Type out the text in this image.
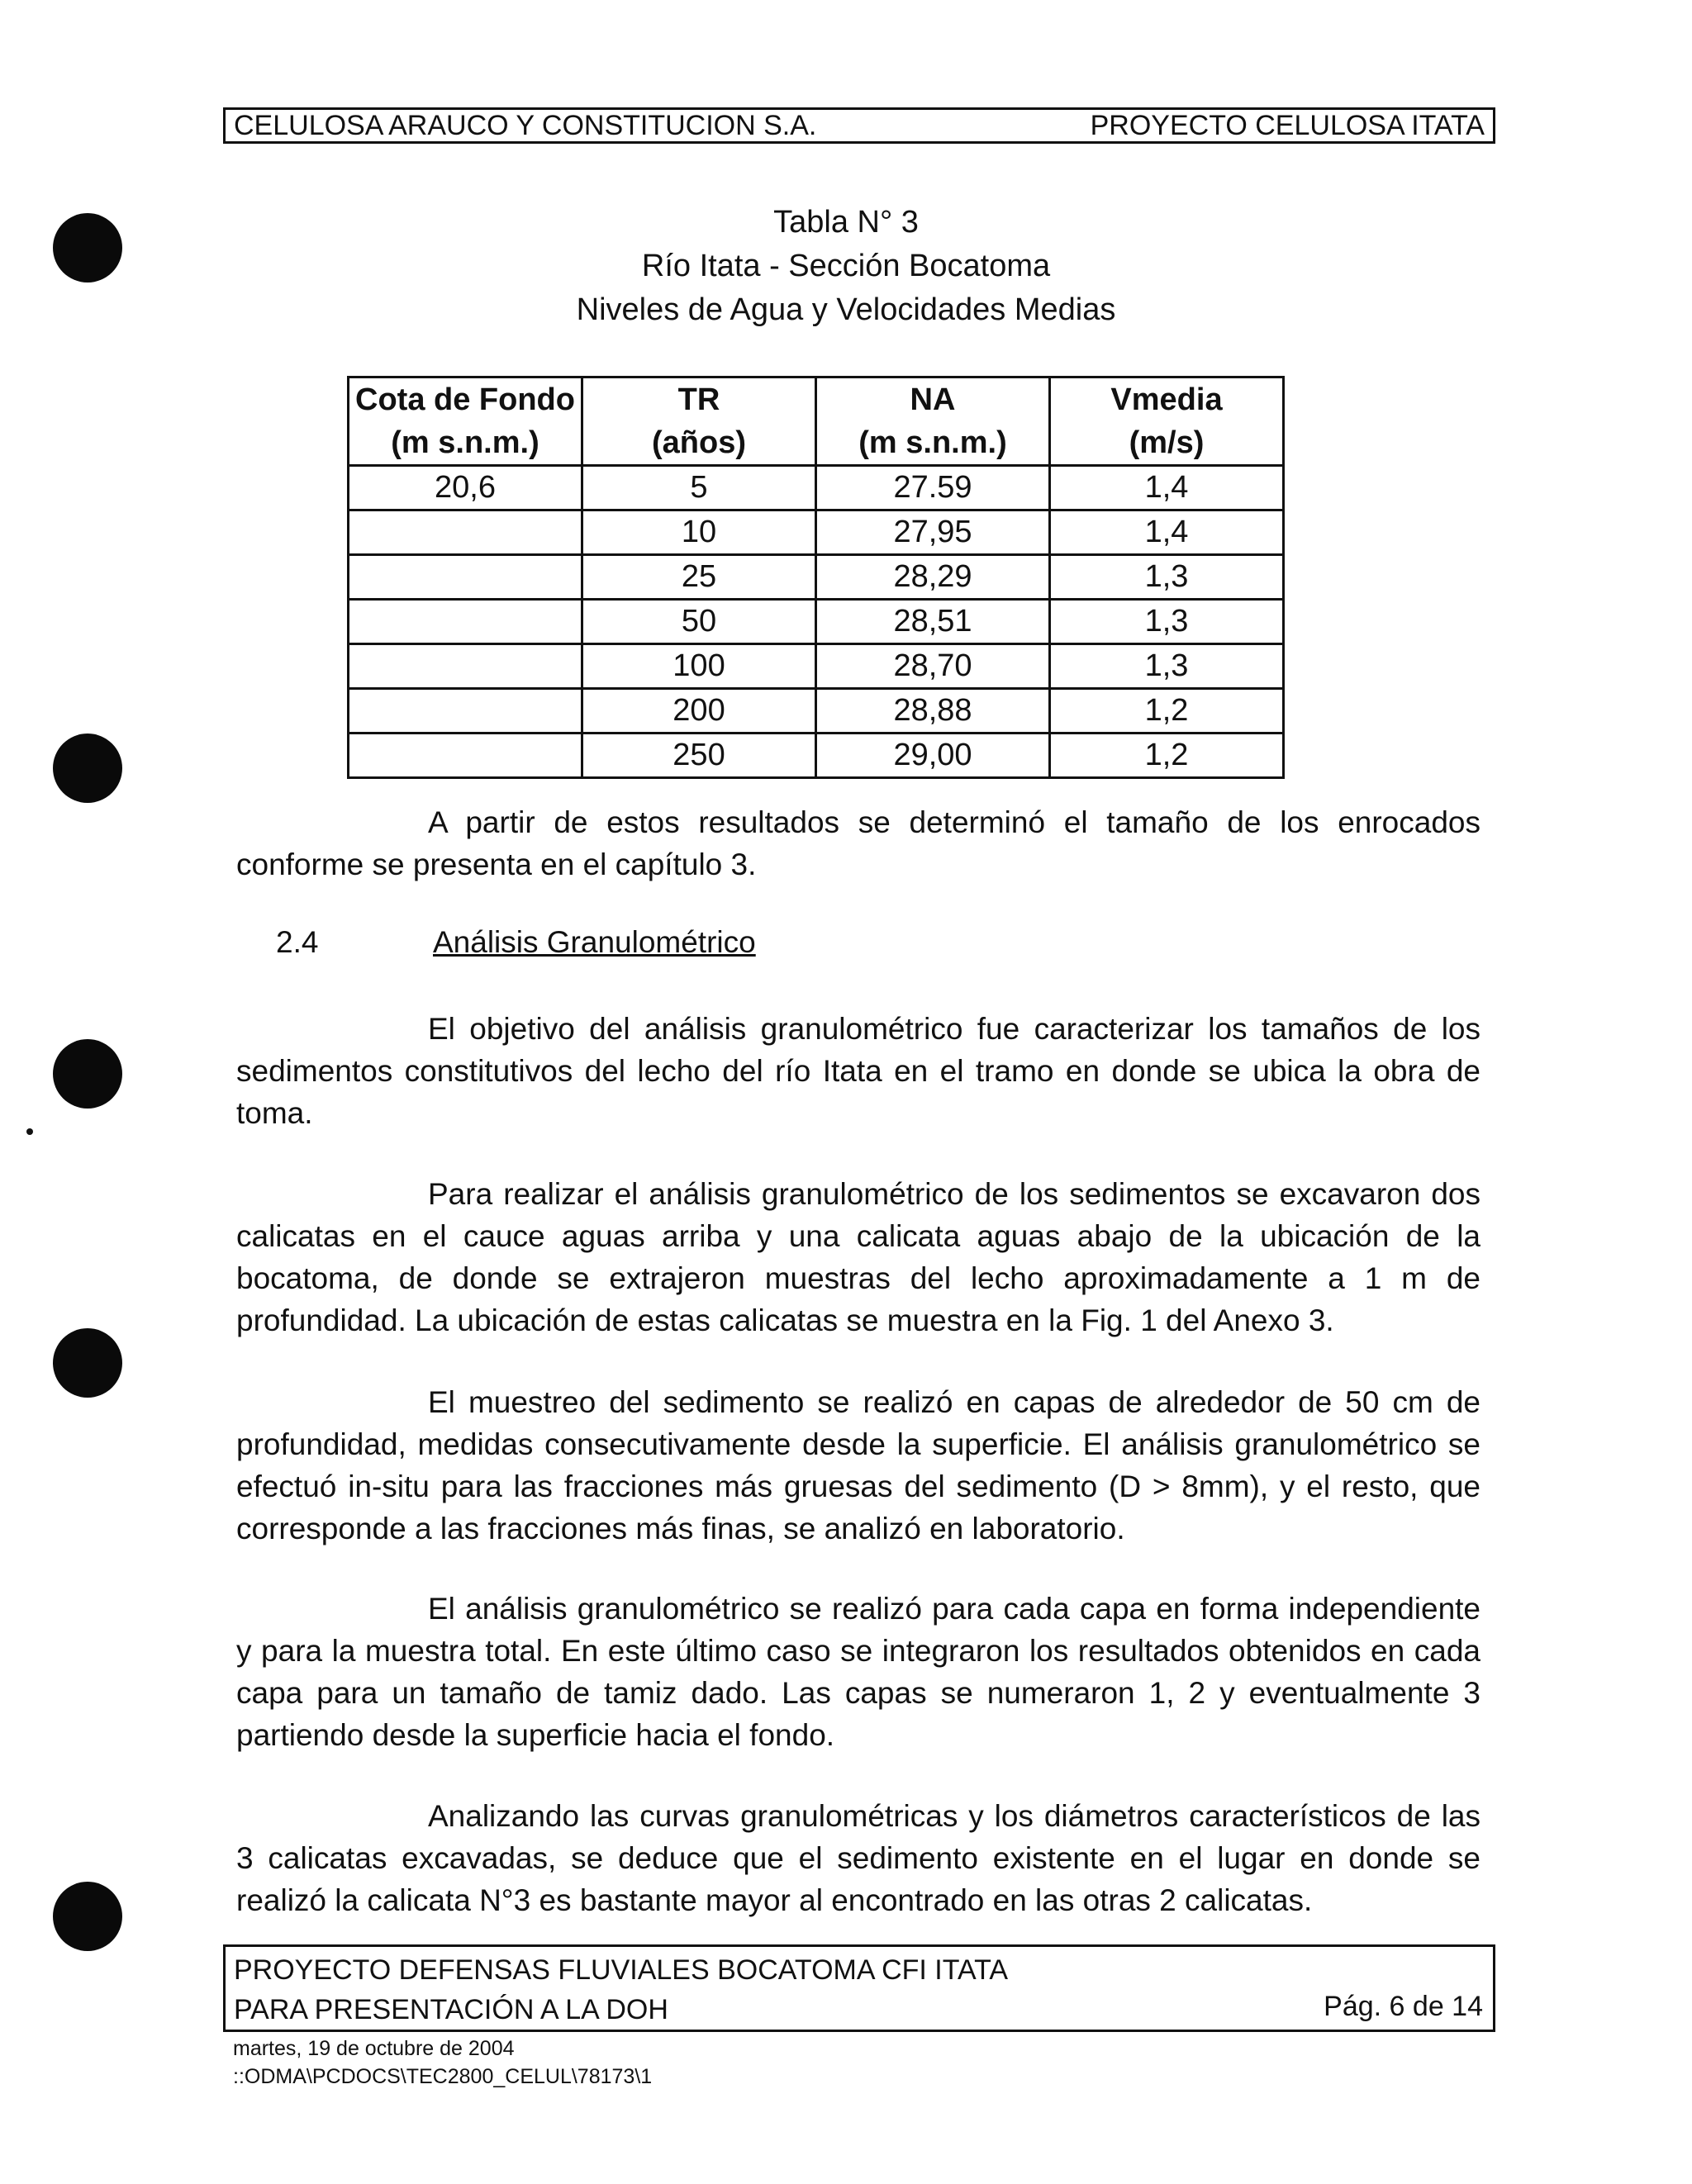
CELULOSA ARAUCO Y CONSTITUCION S.A.	PROYECTO CELULOSA ITATA
Tabla N° 3
Río Itata - Sección Bocatoma
Niveles de Agua y Velocidades Medias
Cota de Fondo	TR	NA	Vmedia
(m s.n.m.)	(años)	(m s.n.m.)	(m/s)
20,6	5	27.59	1,4
	10	27,95	1,4
	25	28,29	1,3
	50	28,51	1,3
	100	28,70	1,3
	200	28,88	1,2
	250	29,00	1,2
A partir de estos resultados se determinó el tamaño de los enrocados conforme se presenta en el capítulo 3.
2.4	Análisis Granulométrico
El objetivo del análisis granulométrico fue caracterizar los tamaños de los sedimentos constitutivos del lecho del río Itata en el tramo en donde se ubica la obra de toma.
Para realizar el análisis granulométrico de los sedimentos se excavaron dos calicatas en el cauce aguas arriba y una calicata aguas abajo de la ubicación de la bocatoma, de donde se extrajeron muestras del lecho aproximadamente a 1 m de profundidad. La ubicación de estas calicatas se muestra en la Fig. 1 del Anexo 3.
El muestreo del sedimento se realizó en capas de alrededor de 50 cm de profundidad, medidas consecutivamente desde la superficie. El análisis granulométrico se efectuó in-situ para las fracciones más gruesas del sedimento (D > 8mm), y el resto, que corresponde a las fracciones más finas, se analizó en laboratorio.
El análisis granulométrico se realizó para cada capa en forma independiente y para la muestra total. En este último caso se integraron los resultados obtenidos en cada capa para un tamaño de tamiz dado. Las capas se numeraron 1, 2 y eventualmente 3 partiendo desde la superficie hacia el fondo.
Analizando las curvas granulométricas y los diámetros característicos de las 3 calicatas excavadas, se deduce que el sedimento existente en el lugar en donde se realizó la calicata N°3 es bastante mayor al encontrado en las otras 2 calicatas.
PROYECTO DEFENSAS FLUVIALES BOCATOMA CFI ITATA
PARA PRESENTACIÓN A LA DOH	Pág. 6 de 14
martes, 19 de octubre de 2004
::ODMA\PCDOCS\TEC2800_CELUL\78173\1
